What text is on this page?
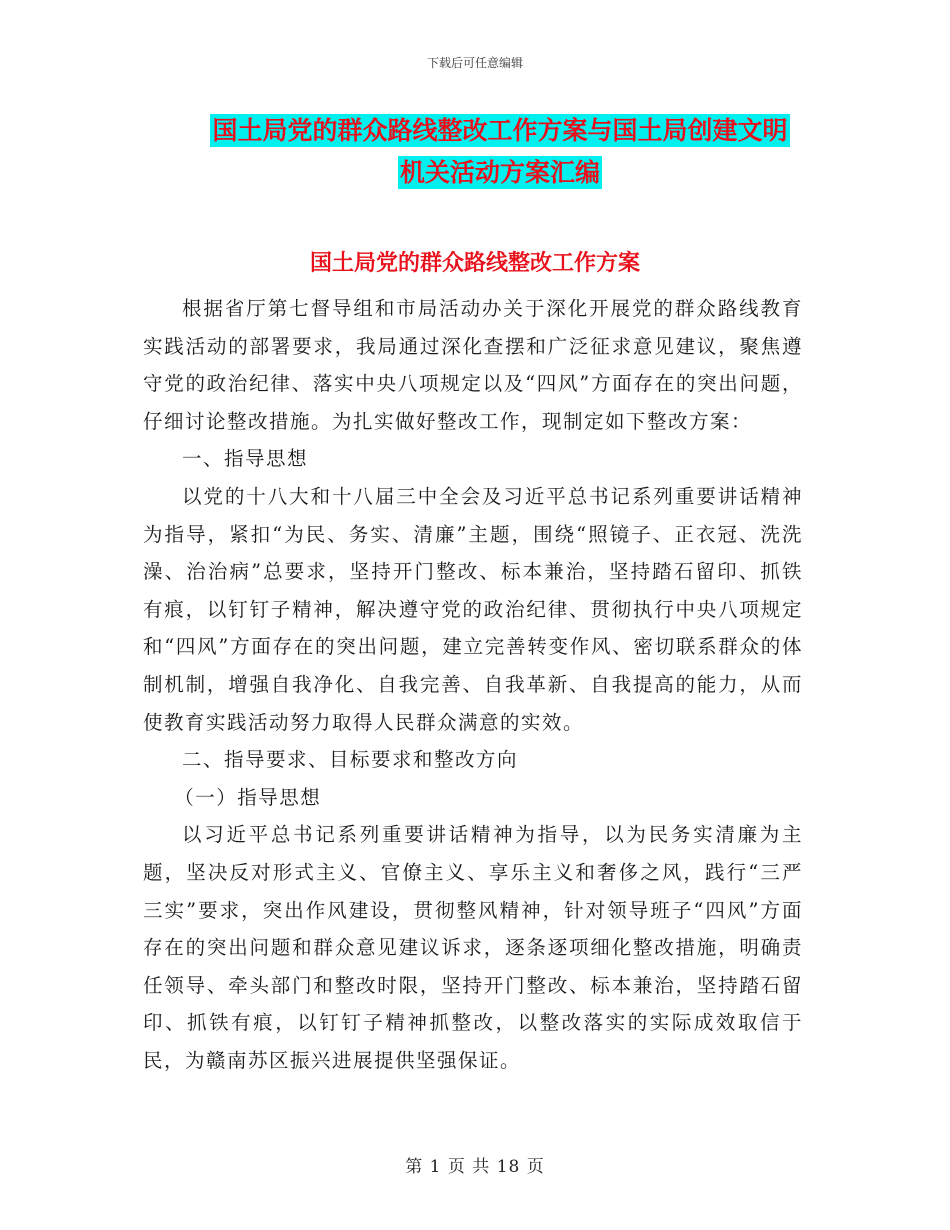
下载后可任意编辑
国土局党的群众路线整改工作方案与国土局创建文明
机关活动方案汇编
国土局党的群众路线整改工作方案

根据省厅第七督导组和市局活动办关于深化开展党的群众路线教育实践活动的部署要求，我局通过深化查摆和广泛征求意见建议，聚焦遵守党的政治纪律、落实中央八项规定以及“四风”方面存在的突出问题，仔细讨论整改措施。为扎实做好整改工作，现制定如下整改方案：

一、指导思想

以党的十八大和十八届三中全会及习近平总书记系列重要讲话精神为指导，紧扣“为民、务实、清廉”主题，围绕“照镜子、正衣冠、洗洗澡、治治病”总要求，坚持开门整改、标本兼治，坚持踏石留印、抓铁有痕，以钉钉子精神，解决遵守党的政治纪律、贯彻执行中央八项规定和“四风”方面存在的突出问题，建立完善转变作风、密切联系群众的体制机制，增强自我净化、自我完善、自我革新、自我提高的能力，从而使教育实践活动努力取得人民群众满意的实效。

二、指导要求、目标要求和整改方向

（一）指导思想

以习近平总书记系列重要讲话精神为指导，以为民务实清廉为主题，坚决反对形式主义、官僚主义、享乐主义和奢侈之风，践行“三严三实”要求，突出作风建设，贯彻整风精神，针对领导班子“四风”方面存在的突出问题和群众意见建议诉求，逐条逐项细化整改措施，明确责任领导、牵头部门和整改时限，坚持开门整改、标本兼治，坚持踏石留印、抓铁有痕，以钉钉子精神抓整改，以整改落实的实际成效取信于民，为赣南苏区振兴进展提供坚强保证。

第 1 页 共 18 页
